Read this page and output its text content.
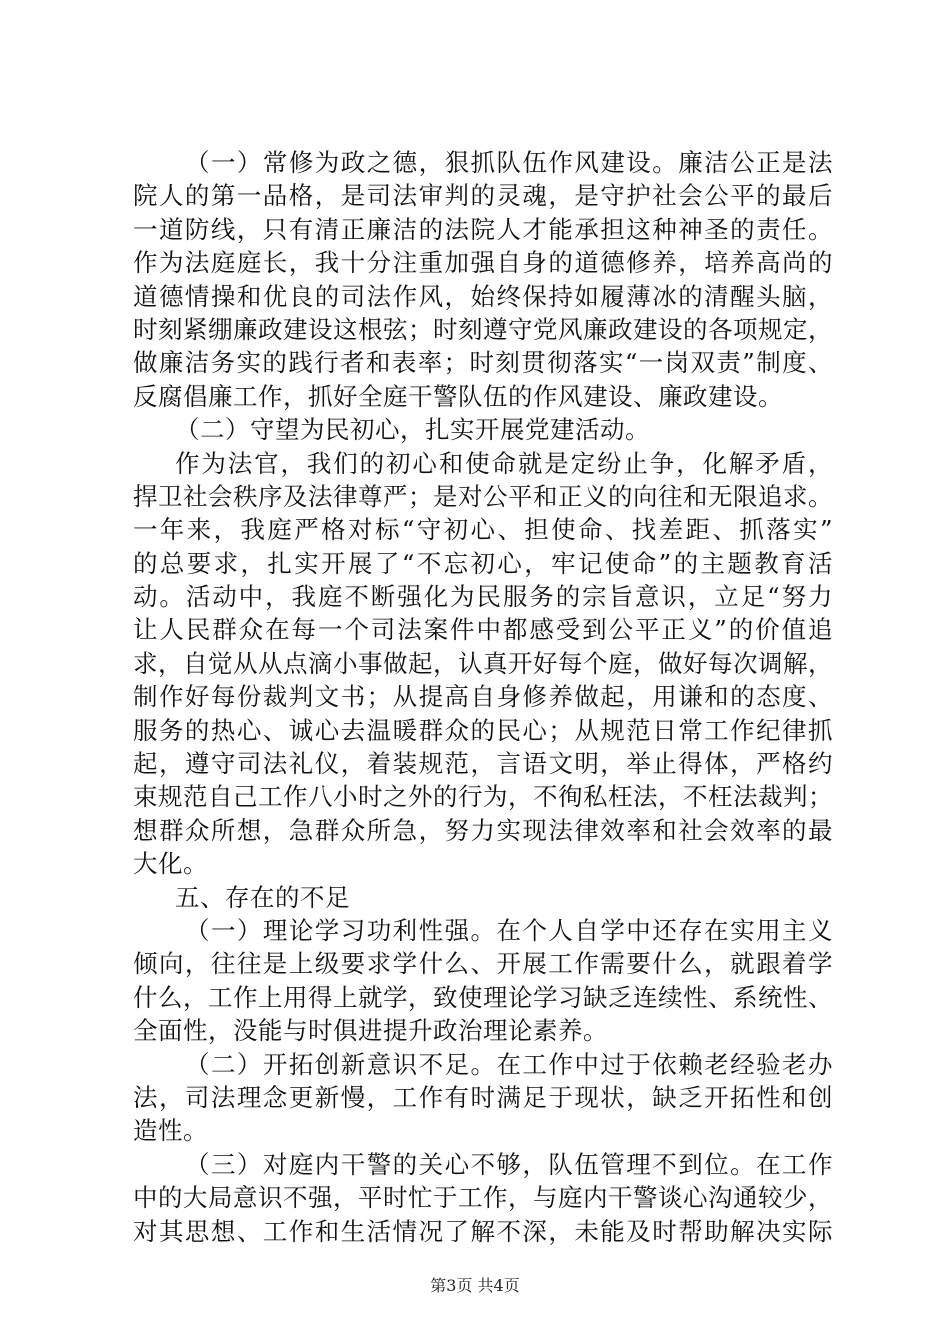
（一）常修为政之德，狠抓队伍作风建设。廉洁公正是法
院人的第一品格，是司法审判的灵魂，是守护社会公平的最后
一道防线，只有清正廉洁的法院人才能承担这种神圣的责任。
作为法庭庭长，我十分注重加强自身的道德修养，培养高尚的
道德情操和优良的司法作风，始终保持如履薄冰的清醒头脑，
时刻紧绷廉政建设这根弦；时刻遵守党风廉政建设的各项规定，
做廉洁务实的践行者和表率；时刻贯彻落实“一岗双责”制度、
反腐倡廉工作，抓好全庭干警队伍的作风建设、廉政建设。
（二）守望为民初心，扎实开展党建活动。
作为法官，我们的初心和使命就是定纷止争，化解矛盾，
捍卫社会秩序及法律尊严；是对公平和正义的向往和无限追求。
一年来，我庭严格对标“守初心、担使命、找差距、抓落实”
的总要求，扎实开展了“不忘初心，牢记使命”的主题教育活
动。活动中，我庭不断强化为民服务的宗旨意识，立足“努力
让人民群众在每一个司法案件中都感受到公平正义”的价值追
求，自觉从从点滴小事做起，认真开好每个庭，做好每次调解，
制作好每份裁判文书；从提高自身修养做起，用谦和的态度、
服务的热心、诚心去温暖群众的民心；从规范日常工作纪律抓
起，遵守司法礼仪，着装规范，言语文明，举止得体，严格约
束规范自己工作八小时之外的行为，不徇私枉法，不枉法裁判；
想群众所想，急群众所急，努力实现法律效率和社会效率的最
大化。
五、存在的不足
（一）理论学习功利性强。在个人自学中还存在实用主义
倾向，往往是上级要求学什么、开展工作需要什么，就跟着学
什么，工作上用得上就学，致使理论学习缺乏连续性、系统性、
全面性，没能与时俱进提升政治理论素养。
（二）开拓创新意识不足。在工作中过于依赖老经验老办
法，司法理念更新慢，工作有时满足于现状，缺乏开拓性和创
造性。
（三）对庭内干警的关心不够，队伍管理不到位。在工作
中的大局意识不强，平时忙于工作，与庭内干警谈心沟通较少，
对其思想、工作和生活情况了解不深，未能及时帮助解决实际
第3页 共4页
